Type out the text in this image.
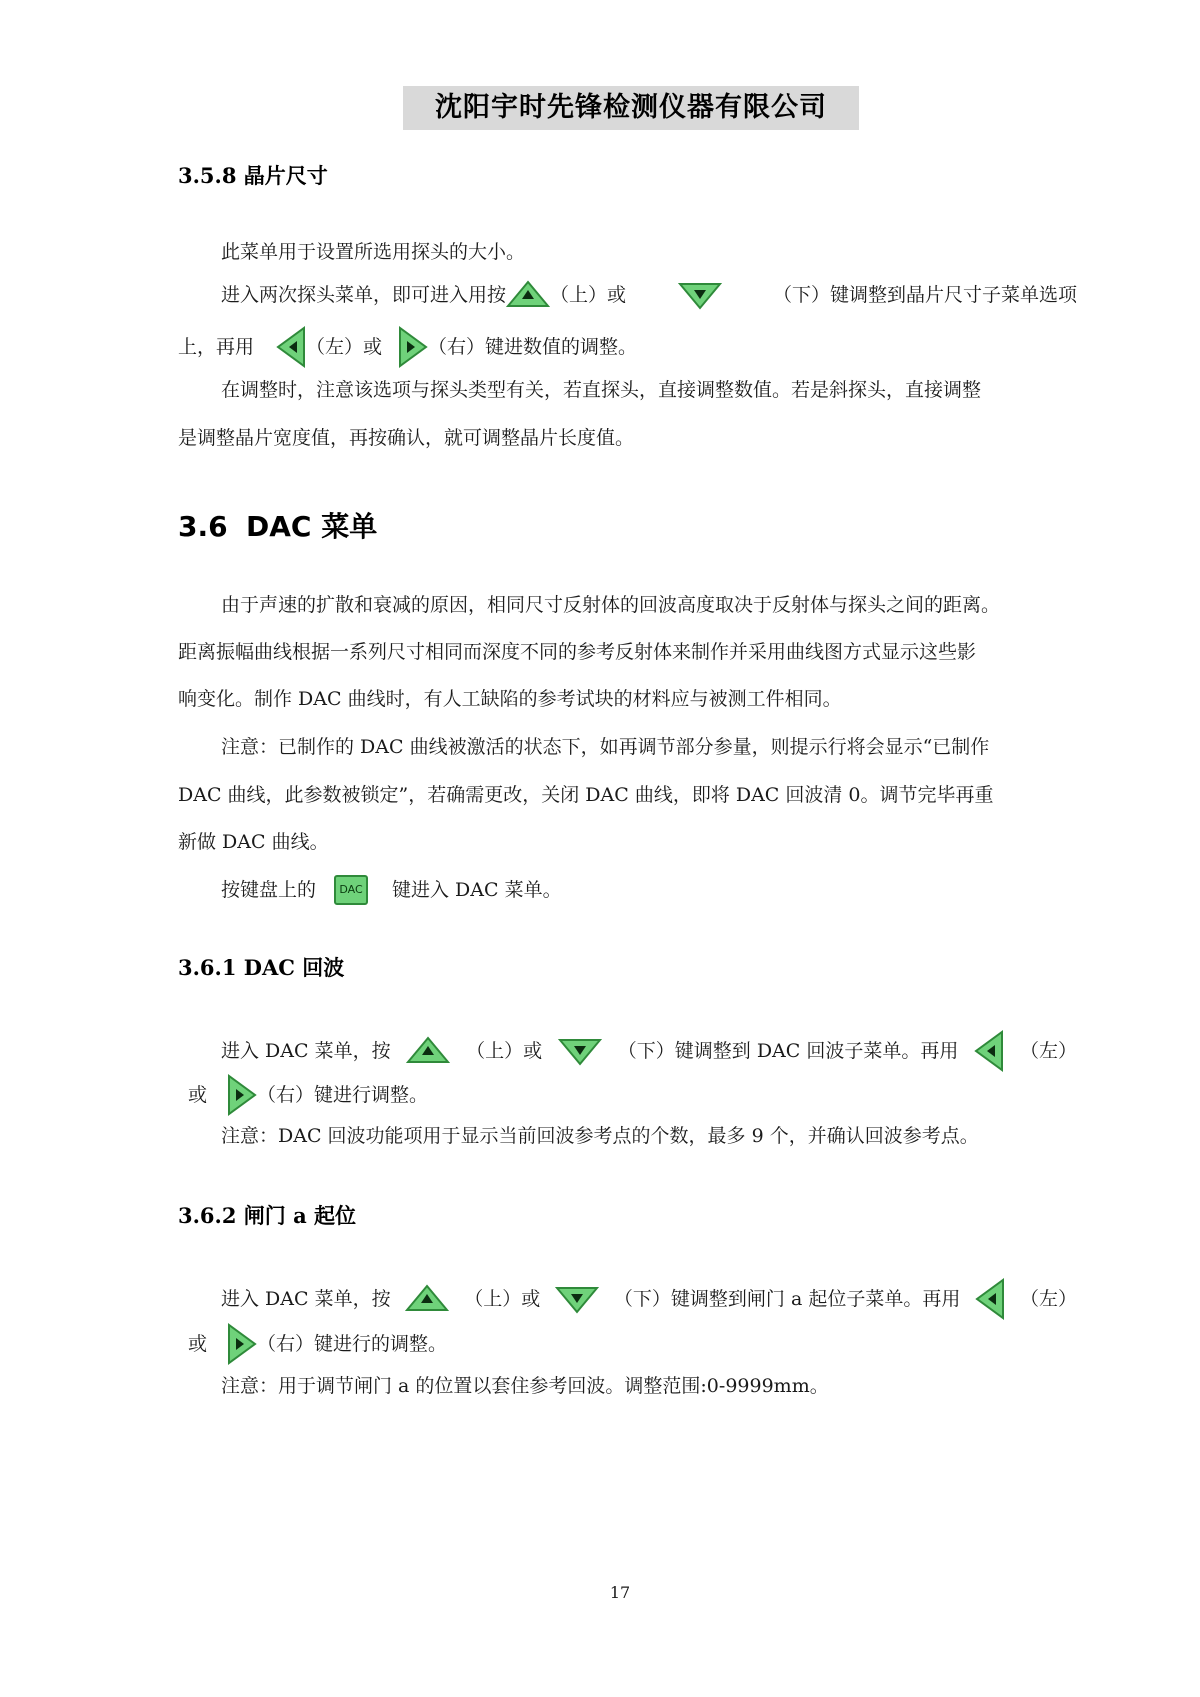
沈阳宇时先锋检测仪器有限公司
3.5.8 晶片尺寸
此菜单用于设置所选用探头的大小。
进入两次探头菜单，即可进入用按 （上）或	（下）键调整到晶片尺寸子菜单选项
上，再用	（左）或 （右）键进数值的调整。
在调整时，注意该选项与探头类型有关，若直探头，直接调整数值。若是斜探头，直接调整
是调整晶片宽度值，再按确认，就可调整晶片长度值。
3.6 DAC 菜单
由于声速的扩散和衰减的原因，相同尺寸反射体的回波高度取决于反射体与探头之间的距离。
距离振幅曲线根据一系列尺寸相同而深度不同的参考反射体来制作并采用曲线图方式显示这些影
响变化。制作 DAC 曲线时，有人工缺陷的参考试块的材料应与被测工件相同。
注意：已制作的 DAC 曲线被激活的状态下，如再调节部分参量，则提示行将会显示“已制作
DAC 曲线，此参数被锁定”，若确需更改，关闭 DAC 曲线，即将 DAC 回波清 0。调节完毕再重
新做 DAC 曲线。
按键盘上的	DAC 键进入 DAC 菜单。
3.6.1 DAC 回波
进入 DAC 菜单，按	（上）或	（下）键调整到 DAC 回波子菜单。再用	（左）
或	（右）键进行调整。
注意：DAC 回波功能项用于显示当前回波参考点的个数，最多 9 个，并确认回波参考点。
3.6.2 闸门 a 起位
进入 DAC 菜单，按	（上）或	（下）键调整到闸门 a 起位子菜单。再用	（左）
或	（右）键进行的调整。
注意：用于调节闸门 a 的位置以套住参考回波。调整范围:0-9999mm。
17
